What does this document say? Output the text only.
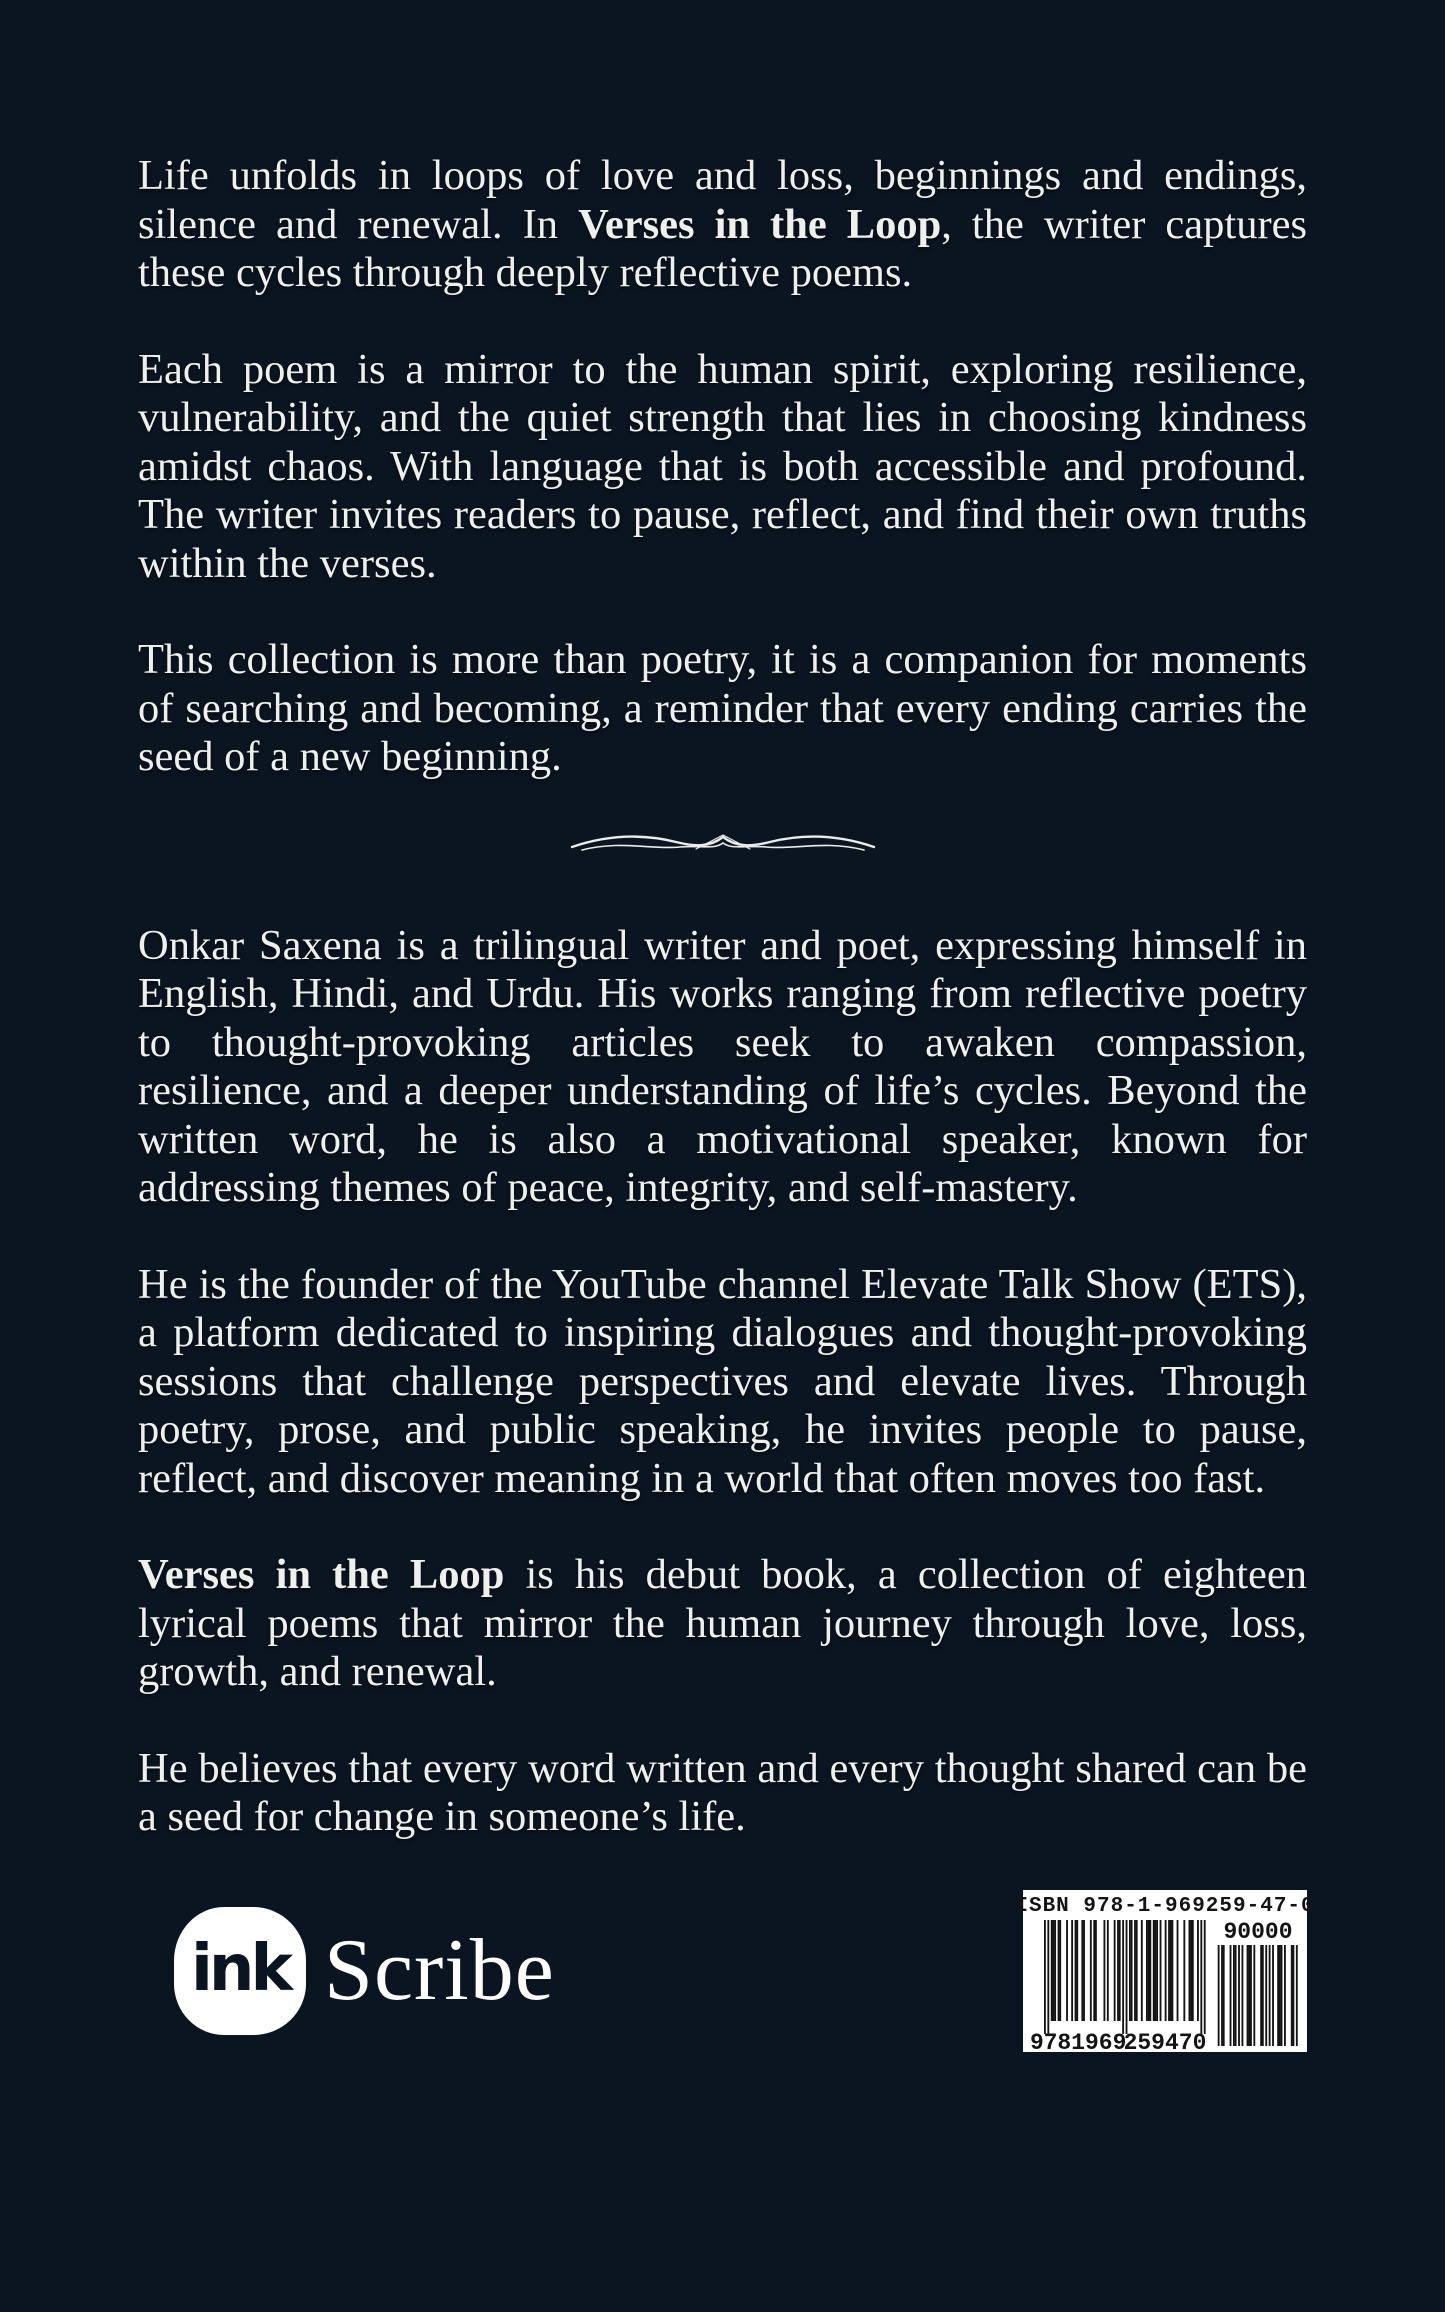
Life unfolds in loops of love and loss, beginnings and endings, silence and renewal. In Verses in the Loop, the writer captures these cycles through deeply reflective poems.

Each poem is a mirror to the human spirit, exploring resilience, vulnerability, and the quiet strength that lies in choosing kindness amidst chaos. With language that is both accessible and profound. The writer invites readers to pause, reflect, and find their own truths within the verses.

This collection is more than poetry, it is a companion for moments of searching and becoming, a reminder that every ending carries the seed of a new beginning.

Onkar Saxena is a trilingual writer and poet, expressing himself in English, Hindi, and Urdu. His works ranging from reflective poetry to thought-provoking articles seek to awaken compassion, resilience, and a deeper understanding of life’s cycles. Beyond the written word, he is also a motivational speaker, known for addressing themes of peace, integrity, and self-mastery.

He is the founder of the YouTube channel Elevate Talk Show (ETS), a platform dedicated to inspiring dialogues and thought-provoking sessions that challenge perspectives and elevate lives. Through poetry, prose, and public speaking, he invites people to pause, reflect, and discover meaning in a world that often moves too fast.

Verses in the Loop is his debut book, a collection of eighteen lyrical poems that mirror the human journey through love, loss, growth, and renewal.

He believes that every word written and every thought shared can be a seed for change in someone’s life.

ink Scribe
ISBN 978-1-969259-47-0
9 781969
259470
90000
